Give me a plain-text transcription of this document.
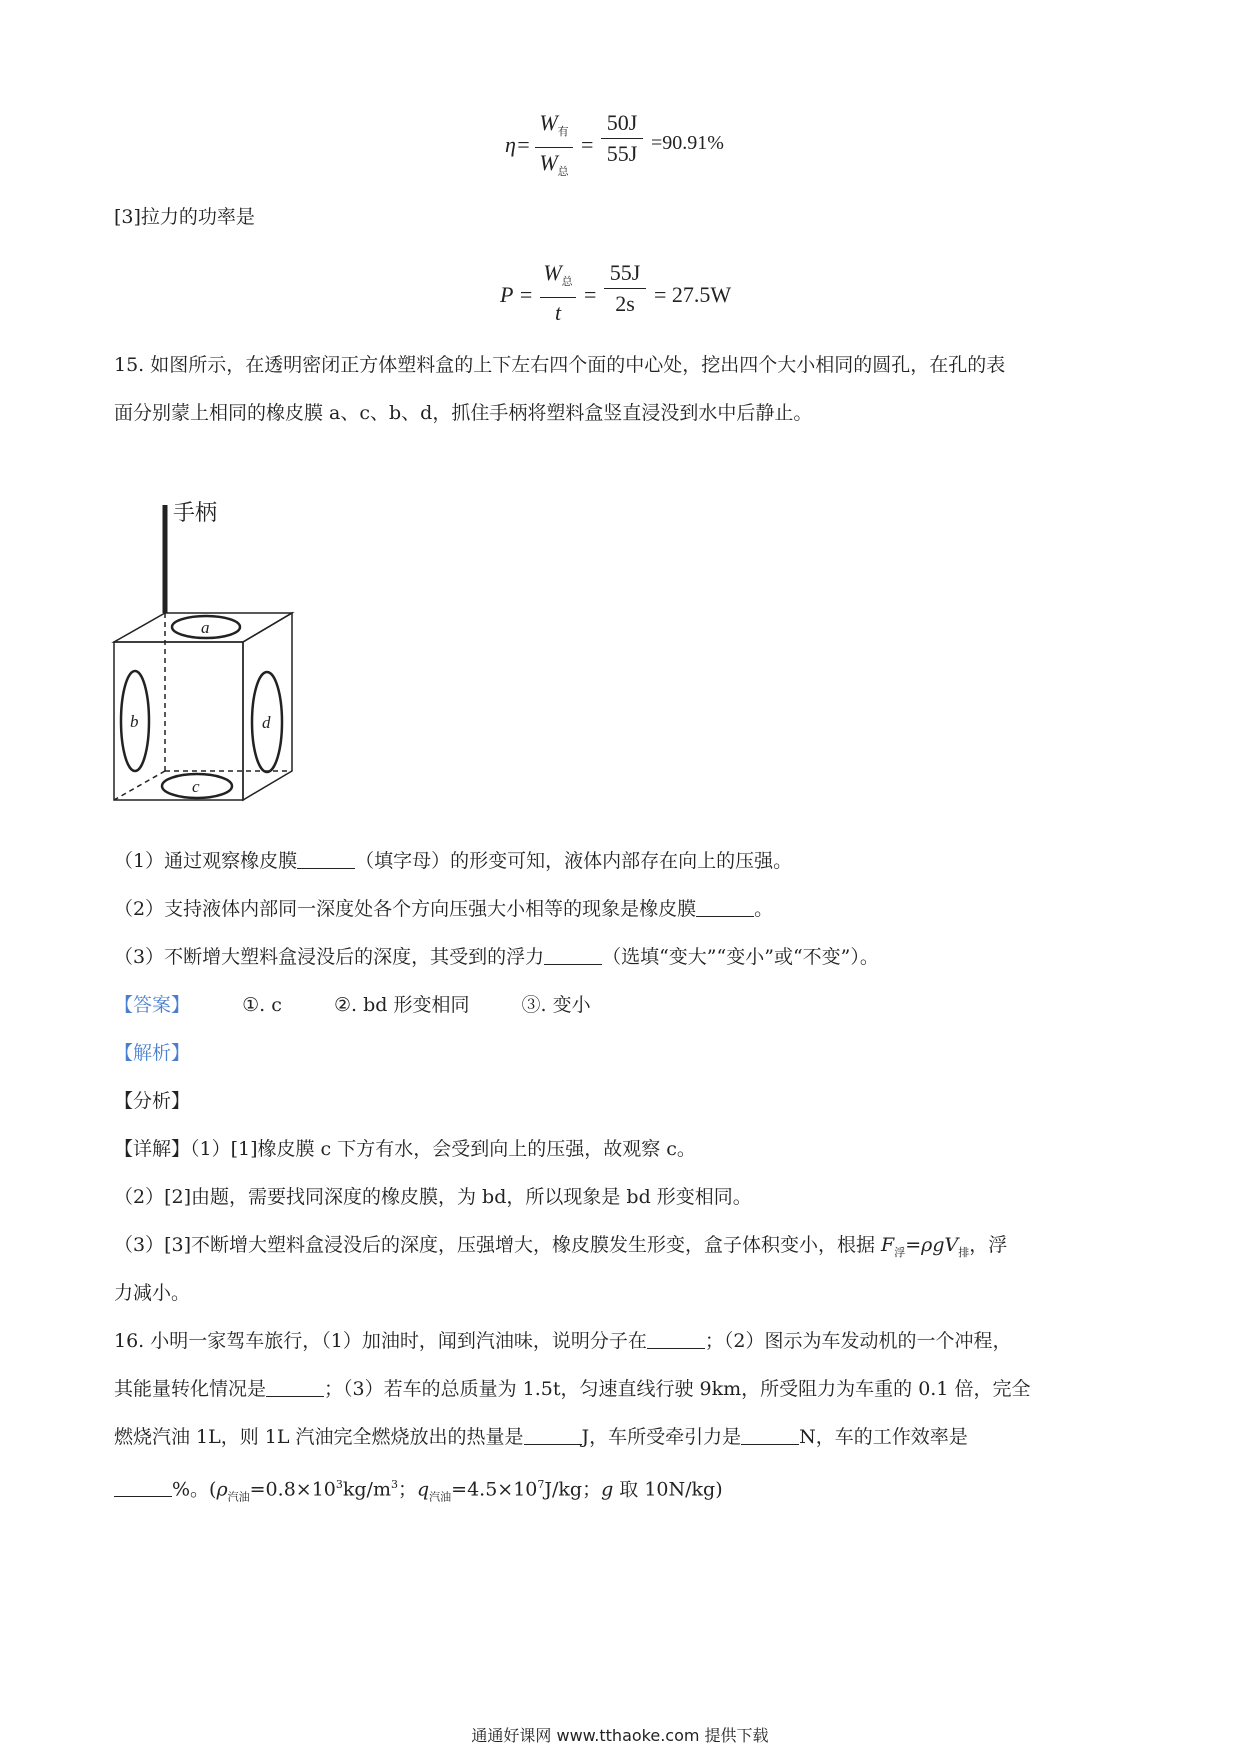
η=
$W_有$
$W_总$
=
50J
55J =90.91%
[3]拉力的功率是
P =
$W_总$
t
=
55J
2s = 27.5W
15. 如图所示，在透明密闭正方体塑料盒的上下左右四个面的中心处，挖出四个大小相同的圆孔，在孔的表
面分别蒙上相同的橡皮膜 a、c、b、d，抓住手柄将塑料盒竖直浸没到水中后静止。
手柄
a
b	d
c
（1）通过观察橡皮膜	（填字母）的形变可知，液体内部存在向上的压强。
（2）支持液体内部同一深度处各个方向压强大小相等的现象是橡皮膜	。
（3）不断增大塑料盒浸没后的深度，其受到的浮力	（选填“变大”“变小”或“不变”）。
【答案】	①. c	②. bd 形变相同	③. 变小
【解析】
【分析】
【详解】（1）[1]橡皮膜 c 下方有水，会受到向上的压强，故观察 c。
（2）[2]由题，需要找同深度的橡皮膜，为 bd，所以现象是 bd 形变相同。
（3）[3]不断增大塑料盒浸没后的深度，压强增大，橡皮膜发生形变，盒子体积变小，根据 $F_浮=\rho gV_排$，浮
力减小。
16. 小明一家驾车旅行，（1）加油时，闻到汽油味，说明分子在	；（2）图示为车发动机的一个冲程，
其能量转化情况是	；（3）若车的总质量为 1.5t，匀速直线行驶 9km，所受阻力为车重的 0.1 倍，完全
燃烧汽油 1L，则 1L 汽油完全燃烧放出的热量是	J，车所受牵引力是	N，车的工作效率是
%。($\rho_{汽油}=0.8\times 10^3kg/m^3$；$q_{汽油}=4.5\times 10^7J/kg$；g 取 10N/kg)
通通好课网 www.tthaoke.com 提供下载
